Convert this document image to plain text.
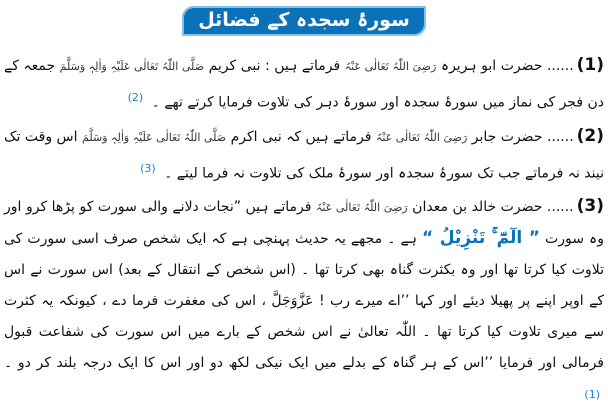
سورۂ سجدہ کے فضائل

(1)...... حضرت ابو ہریرہ رَضِیَ اللّٰہُ تَعَالٰی عَنْہُ فرماتے ہیں : نبی کریم صَلَّی اللّٰہُ تَعَالٰی عَلَیْہِ وَاٰلِہٖ وَسَلَّمَ جمعہ کے دن فجر کی نماز میں سورۂ سجدہ اور سورۂ دہر کی تلاوت فرمایا کرتے تھے ۔ (2)

(2)...... حضرت جابر رَضِیَ اللّٰہُ تَعَالٰی عَنْہُ فرماتے ہیں کہ نبی اکرم صَلَّی اللّٰہُ تَعَالٰی عَلَیْہِ وَاٰلِہٖ وَسَلَّمَ اس وقت تک نیند نہ فرماتے جب تک سورۂ سجدہ اور سورۂ ملک کی تلاوت نہ فرما لیتے ۔ (3)

(3)...... حضرت خالد بن معدان رَضِیَ اللّٰہُ تَعَالٰی عَنْہُ فرماتے ہیں ”نجات دلانے والی سورت کو پڑھا کرو اور وہ سورت ” الٓمّٓ ۚ تَنْزِیْلُ “ ہے ۔ مجھے یہ حدیث پہنچی ہے کہ ایک شخص صرف اسی سورت کی تلاوت کیا کرتا تھا اور وہ بکثرت گناہ بھی کرتا تھا ۔ (اس شخص کے انتقال کے بعد) اس سورت نے اس کے اوپر اپنے پر پھیلا دیئے اور کہا ’’اے میرے رب ! عَزَّوَجَلَّ ، اس کی مغفرت فرما دے ، کیونکہ یہ کثرت سے میری تلاوت کیا کرتا تھا ۔ اللّٰہ تعالیٰ نے اس شخص کے بارے میں اس سورت کی شفاعت قبول فرمالی اور فرمایا ’’اس کے ہر گناہ کے بدلے میں ایک نیکی لکھ دو اور اس کا ایک درجہ بلند کر دو ۔ (1)
